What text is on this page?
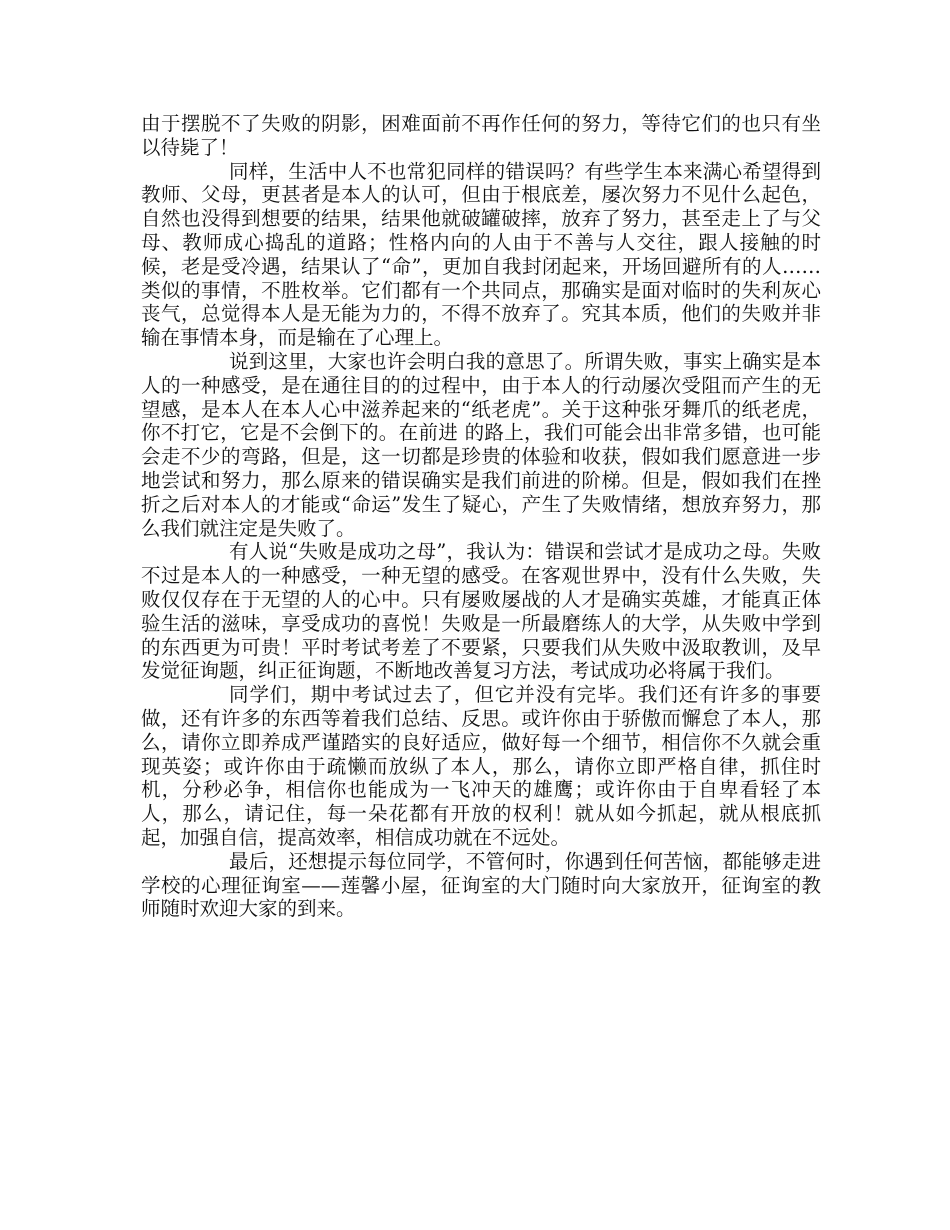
由于摆脱不了失败的阴影，困难面前不再作任何的努力，等待它们的也只有坐以待毙了！

同样，生活中人不也常犯同样的错误吗？有些学生本来满心希望得到教师、父母，更甚者是本人的认可，但由于根底差，屡次努力不见什么起色，自然也没得到想要的结果，结果他就破罐破摔，放弃了努力，甚至走上了与父母、教师成心捣乱的道路；性格内向的人由于不善与人交往，跟人接触的时候，老是受冷遇，结果认了“命”，更加自我封闭起来，开场回避所有的人……类似的事情，不胜枚举。它们都有一个共同点，那确实是面对临时的失利灰心丧气，总觉得本人是无能为力的，不得不放弃了。究其本质，他们的失败并非输在事情本身，而是输在了心理上。

说到这里，大家也许会明白我的意思了。所谓失败，事实上确实是本人的一种感受，是在通往目的的过程中，由于本人的行动屡次受阻而产生的无望感，是本人在本人心中滋养起来的“纸老虎”。关于这种张牙舞爪的纸老虎，你不打它，它是不会倒下的。在前进 的路上，我们可能会出非常多错，也可能会走不少的弯路，但是，这一切都是珍贵的体验和收获，假如我们愿意进一步地尝试和努力，那么原来的错误确实是我们前进的阶梯。但是，假如我们在挫折之后对本人的才能或“命运”发生了疑心，产生了失败情绪，想放弃努力，那么我们就注定是失败了。

有人说“失败是成功之母”，我认为：错误和尝试才是成功之母。失败不过是本人的一种感受，一种无望的感受。在客观世界中，没有什么失败，失败仅仅存在于无望的人的心中。只有屡败屡战的人才是确实英雄，才能真正体验生活的滋味，享受成功的喜悦！失败是一所最磨练人的大学，从失败中学到的东西更为可贵！平时考试考差了不要紧，只要我们从失败中汲取教训，及早发觉征询题，纠正征询题，不断地改善复习方法，考试成功必将属于我们。

同学们，期中考试过去了，但它并没有完毕。我们还有许多的事要做，还有许多的东西等着我们总结、反思。或许你由于骄傲而懈怠了本人，那么，请你立即养成严谨踏实的良好适应，做好每一个细节，相信你不久就会重现英姿；或许你由于疏懒而放纵了本人，那么，请你立即严格自律，抓住时机，分秒必争，相信你也能成为一飞冲天的雄鹰；或许你由于自卑看轻了本人，那么，请记住，每一朵花都有开放的权利！就从如今抓起，就从根底抓起，加强自信，提高效率，相信成功就在不远处。

最后，还想提示每位同学，不管何时，你遇到任何苦恼，都能够走进学校的心理征询室——莲馨小屋，征询室的大门随时向大家放开，征询室的教师随时欢迎大家的到来。
